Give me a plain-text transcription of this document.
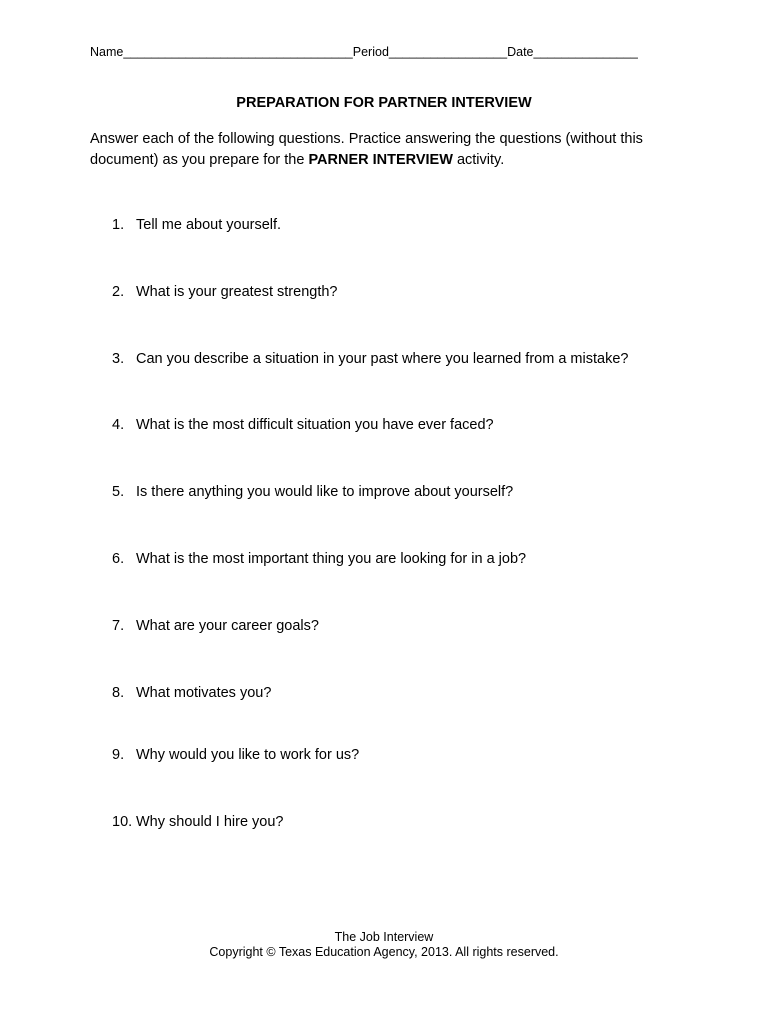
Name_________________________________Period_________________Date_______________
PREPARATION FOR PARTNER INTERVIEW
Answer each of the following questions. Practice answering the questions (without this document) as you prepare for the PARNER INTERVIEW activity.
1. Tell me about yourself.
2. What is your greatest strength?
3. Can you describe a situation in your past where you learned from a mistake?
4. What is the most difficult situation you have ever faced?
5. Is there anything you would like to improve about yourself?
6. What is the most important thing you are looking for in a job?
7. What are your career goals?
8. What motivates you?
9. Why would you like to work for us?
10. Why should I hire you?
The Job Interview
Copyright © Texas Education Agency, 2013. All rights reserved.
